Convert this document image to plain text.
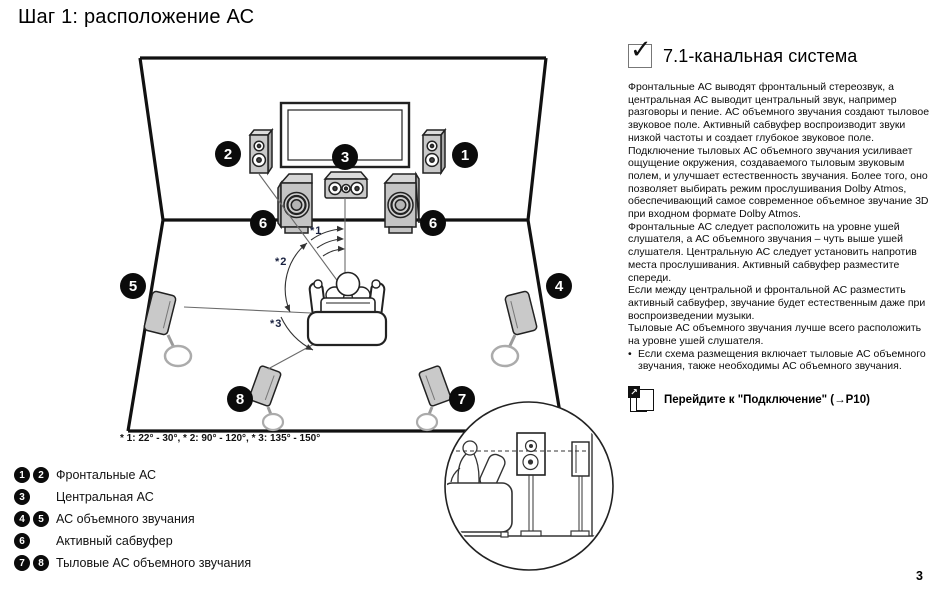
Шаг 1: расположение АС
1
2	3
4
5
6	6
7
8
*1
*2
*3
* 1: 22° - 30°, * 2: 90° - 120°, * 3: 135° - 150°
1	2 Фронтальные АС
3	Центральная АС
4	5 АС объемного звучания
6	Активный сабвуфер
7	8 Тыловые АС объемного звучания
✓ 7.1-канальная система

Фронтальные АС выводят фронтальный стереозвук, а центральная АС выводит центральный звук, например разговоры и пение. АС объемного звучания создают тыловое звуковое поле. Активный сабвуфер воспроизводит звуки низкой частоты и создает глубокое звуковое поле.

Подключение тыловых АС объемного звучания усиливает ощущение окружения, создаваемого тыловым звуковым полем, и улучшает естественность звучания. Более того, оно позволяет выбирать режим прослушивания Dolby Atmos, обеспечивающий самое современное объемное звучание 3D при входном формате Dolby Atmos.

Фронтальные АС следует расположить на уровне ушей слушателя, а АС объемного звучания – чуть выше ушей слушателя. Центральную АС следует установить напротив места прослушивания. Активный сабвуфер разместите спереди.

Если между центральной и фронтальной АС разместить активный сабвуфер, звучание будет естественным даже при воспроизведении музыки.

Тыловые АС объемного звучания лучше всего расположить на уровне ушей слушателя.

• Если схема размещения включает тыловые АС объемного звучания, также необходимы АС объемного звучания.
↗
Перейдите к "Подключение" (→P10)
3
